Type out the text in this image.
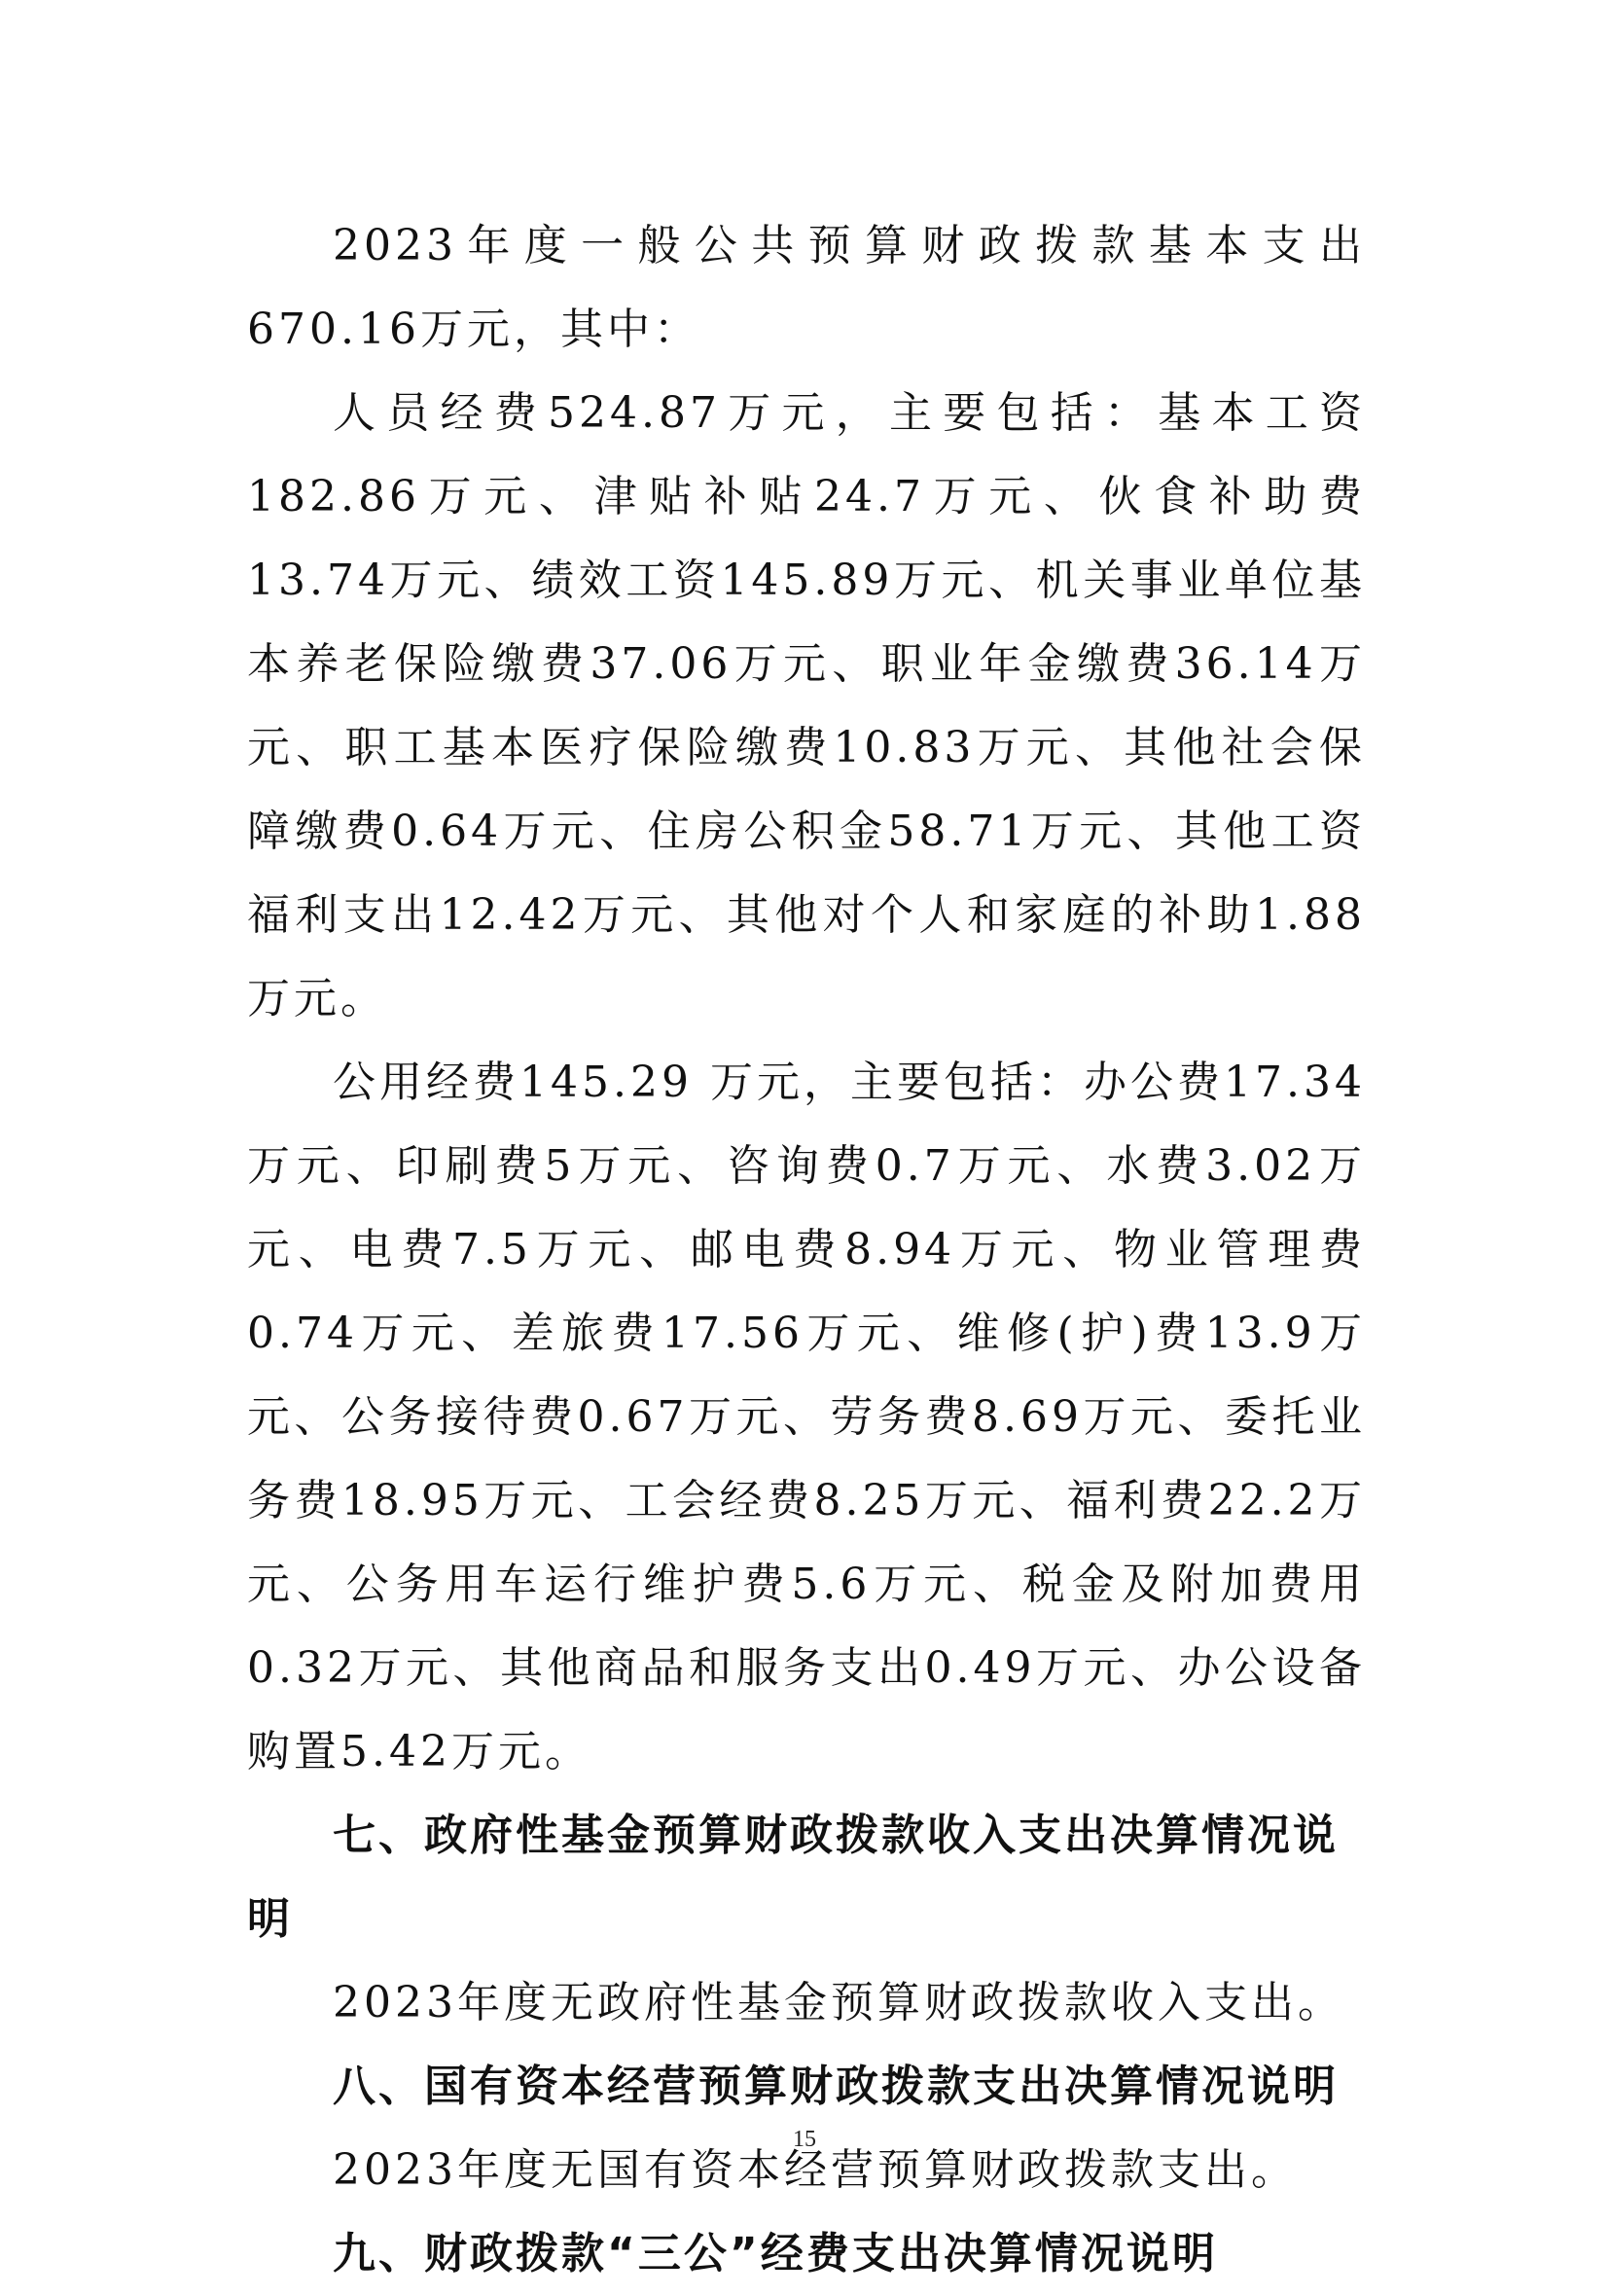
2023年度一般公共预算财政拨款基本支出670.16万元，其中：

人员经费524.87万元，主要包括：基本工资182.86万元、津贴补贴24.7万元、伙食补助费13.74万元、绩效工资145.89万元、机关事业单位基本养老保险缴费37.06万元、职业年金缴费36.14万元、职工基本医疗保险缴费10.83万元、其他社会保障缴费0.64万元、住房公积金58.71万元、其他工资福利支出12.42万元、其他对个人和家庭的补助1.88万元。

公用经费145.29 万元，主要包括：办公费17.34万元、印刷费5万元、咨询费0.7万元、水费3.02万元、电费7.5万元、邮电费8.94万元、物业管理费0.74万元、差旅费17.56万元、维修(护)费13.9万元、公务接待费0.67万元、劳务费8.69万元、委托业务费18.95万元、工会经费8.25万元、福利费22.2万元、公务用车运行维护费5.6万元、税金及附加费用0.32万元、其他商品和服务支出0.49万元、办公设备购置5.42万元。

七、政府性基金预算财政拨款收入支出决算情况说明

2023年度无政府性基金预算财政拨款收入支出。

八、国有资本经营预算财政拨款支出决算情况说明

2023年度无国有资本经营预算财政拨款支出。

九、财政拨款“三公”经费支出决算情况说明

15
